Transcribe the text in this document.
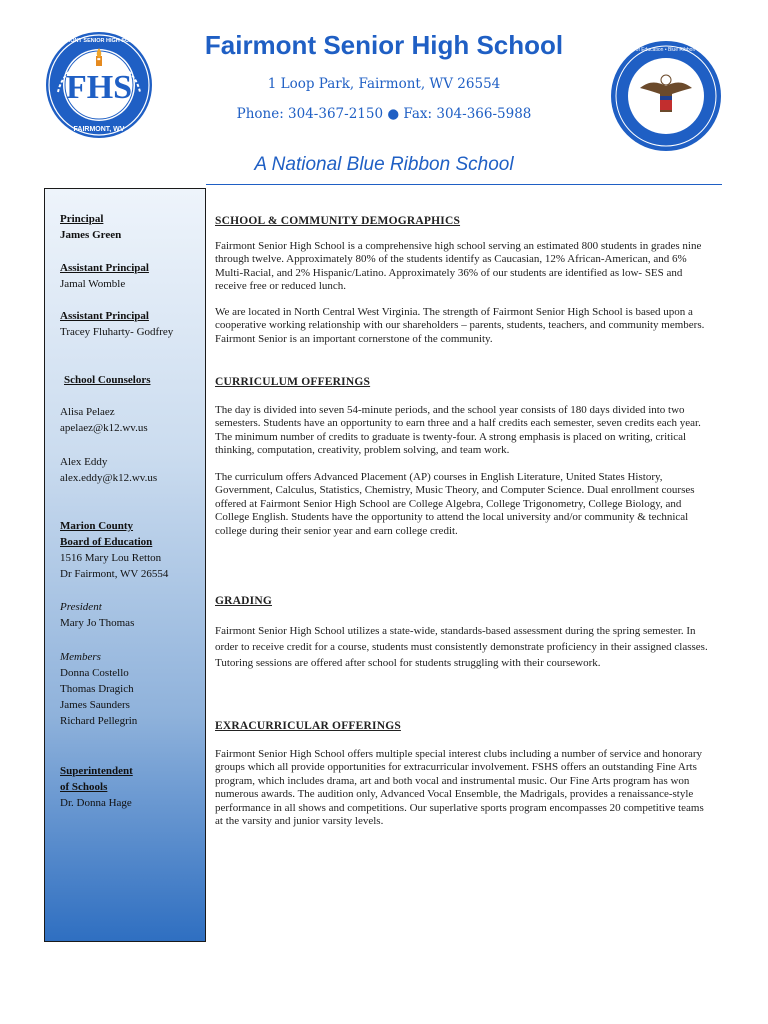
FHS
FAIRMONT, WV
FAIRMONT SENIOR HIGH SCHOOL	Fairmont Senior High School
1 Loop Park, Fairmont, WV 26554
Phone: 304-367-2150 ● Fax: 304-366-5988
A National Blue Ribbon School
U.S. Department of Education • Blue Ribbon Schools Program
Principal
James Green
Assistant Principal
Jamal Womble
Assistant Principal
Tracey Fluharty- Godfrey
School Counselors
Alisa Pelaez
apelaez@k12.wv.us
Alex Eddy
alex.eddy@k12.wv.us
Marion County
Board of Education
1516 Mary Lou Retton
Dr Fairmont, WV 26554
President
Mary Jo Thomas
Members
Donna Costello
Thomas Dragich
James Saunders
Richard Pellegrin
Superintendent
of Schools
Dr. Donna Hage
SCHOOL & COMMUNITY DEMOGRAPHICS

Fairmont Senior High School is a comprehensive high school serving an estimated 800 students in grades nine through twelve. Approximately 80% of the students identify as Caucasian, 12% African-American, and 6% Multi-Racial, and 2% Hispanic/Latino. Approximately 36% of our students are identified as low- SES and receive free or reduced lunch.

We are located in North Central West Virginia. The strength of Fairmont Senior High School is based upon a cooperative working relationship with our shareholders – parents, students, teachers, and community members. Fairmont Senior is an important cornerstone of the community.

CURRICULUM OFFERINGS

The day is divided into seven 54-minute periods, and the school year consists of 180 days divided into two semesters. Students have an opportunity to earn three and a half credits each semester, seven credits each year. The minimum number of credits to graduate is twenty-four. A strong emphasis is placed on writing, critical thinking, computation, creativity, problem solving, and team work.

The curriculum offers Advanced Placement (AP) courses in English Literature, United States History, Government, Calculus, Statistics, Chemistry, Music Theory, and Computer Science. Dual enrollment courses offered at Fairmont Senior High School are College Algebra, College Trigonometry, College Biology, and College English. Students have the opportunity to attend the local university and/or community & technical college during their senior year and earn college credit.

GRADING

Fairmont Senior High School utilizes a state-wide, standards-based assessment during the spring semester. In order to receive credit for a course, students must consistently demonstrate proficiency in their assigned classes. Tutoring sessions are offered after school for students struggling with their coursework.

EXRACURRICULAR OFFERINGS

Fairmont Senior High School offers multiple special interest clubs including a number of service and honorary groups which all provide opportunities for extracurricular involvement. FSHS offers an outstanding Fine Arts program, which includes drama, art and both vocal and instrumental music. Our Fine Arts program has won numerous awards. The audition only, Advanced Vocal Ensemble, the Madrigals, provides a renaissance-style performance in all shows and competitions. Our superlative sports program encompasses 20 competitive teams at the varsity and junior varsity levels.
